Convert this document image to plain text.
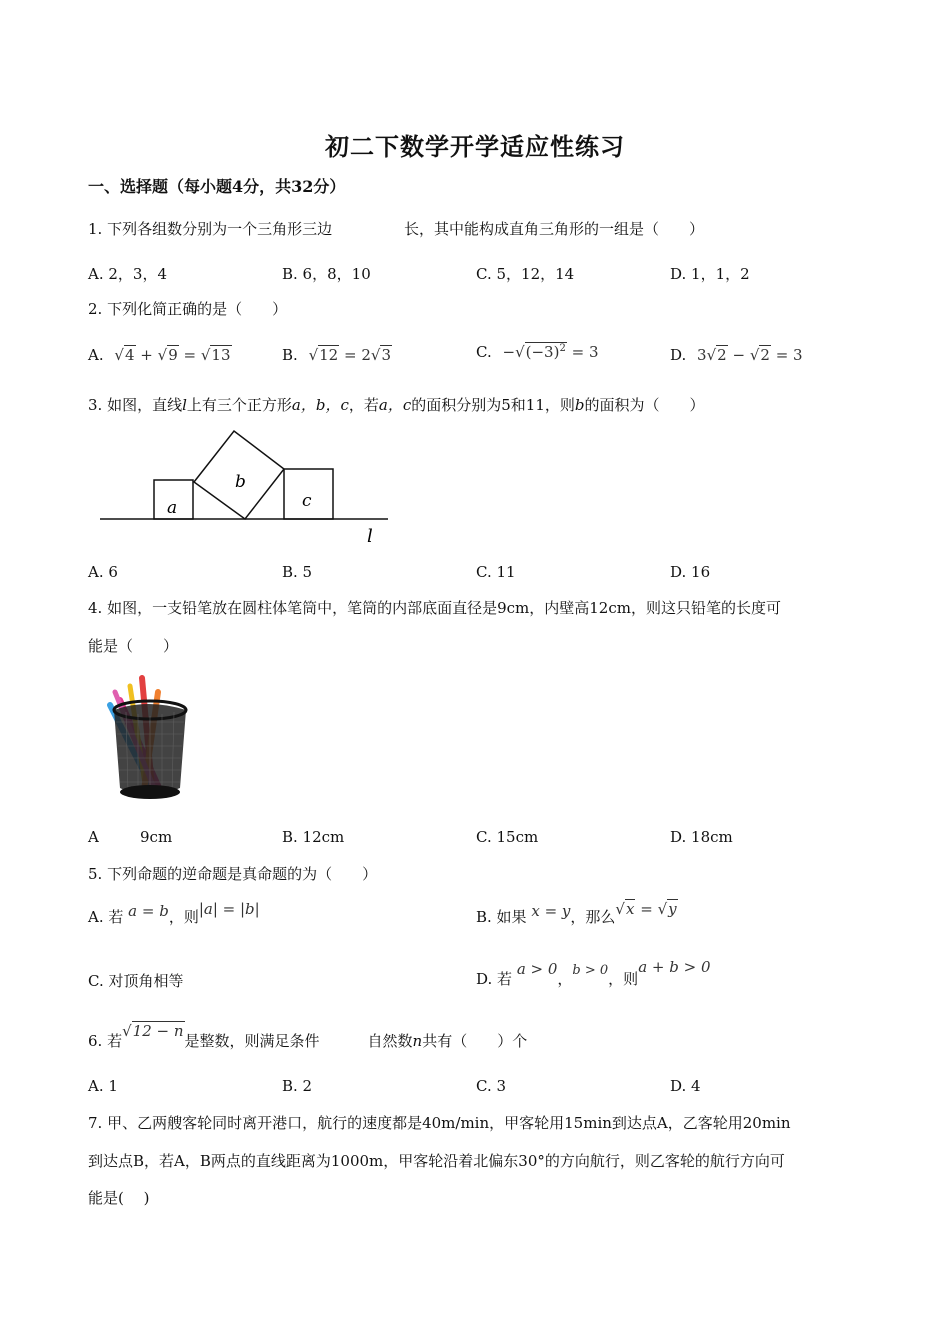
初二下数学开学适应性练习
一、选择题（每小题4分，共32分）
1. 下列各组数分别为一个三角形三边	长，其中能构成直角三角形的一组是（　　）
A. 2，3，4	B. 6，8，10	C. 5，12，14	D. 1，1，2
2. 下列化简正确的是（　　）
A. √4 + √9 = √13	B. √12 = 2√3	C. $-√(-3)^2 = 3$	D. 3√2 − √2 = 3
3. 如图，直线l上有三个正方形a，b，c，若a，c的面积分别为5和11，则b的面积为（　　）
a
b
c
l
A. 6	B. 5	C. 11	D. 16
4. 如图，一支铅笔放在圆柱体笔筒中，笔筒的内部底面直径是9cm，内壁高12cm，则这只铅笔的长度可
能是（　　）
A	9cm	B. 12cm	C. 15cm	D. 18cm
5. 下列命题的逆命题是真命题的为（　　）
A. 若 a = b，则|a| = |b|	B. 如果 x = y，那么√x = √y
C. 对顶角相等	D. 若 a > 0，b > 0，则a + b > 0
6. 若√12 − n是整数，则满足条件	自然数n共有（　　）个
A. 1	B. 2	C. 3	D. 4
7. 甲、乙两艘客轮同时离开港口，航行的速度都是40m/min，甲客轮用15min到达点A，乙客轮用20min
到达点B，若A，B两点的直线距离为1000m，甲客轮沿着北偏东30°的方向航行，则乙客轮的航行方向可
能是(　 )
